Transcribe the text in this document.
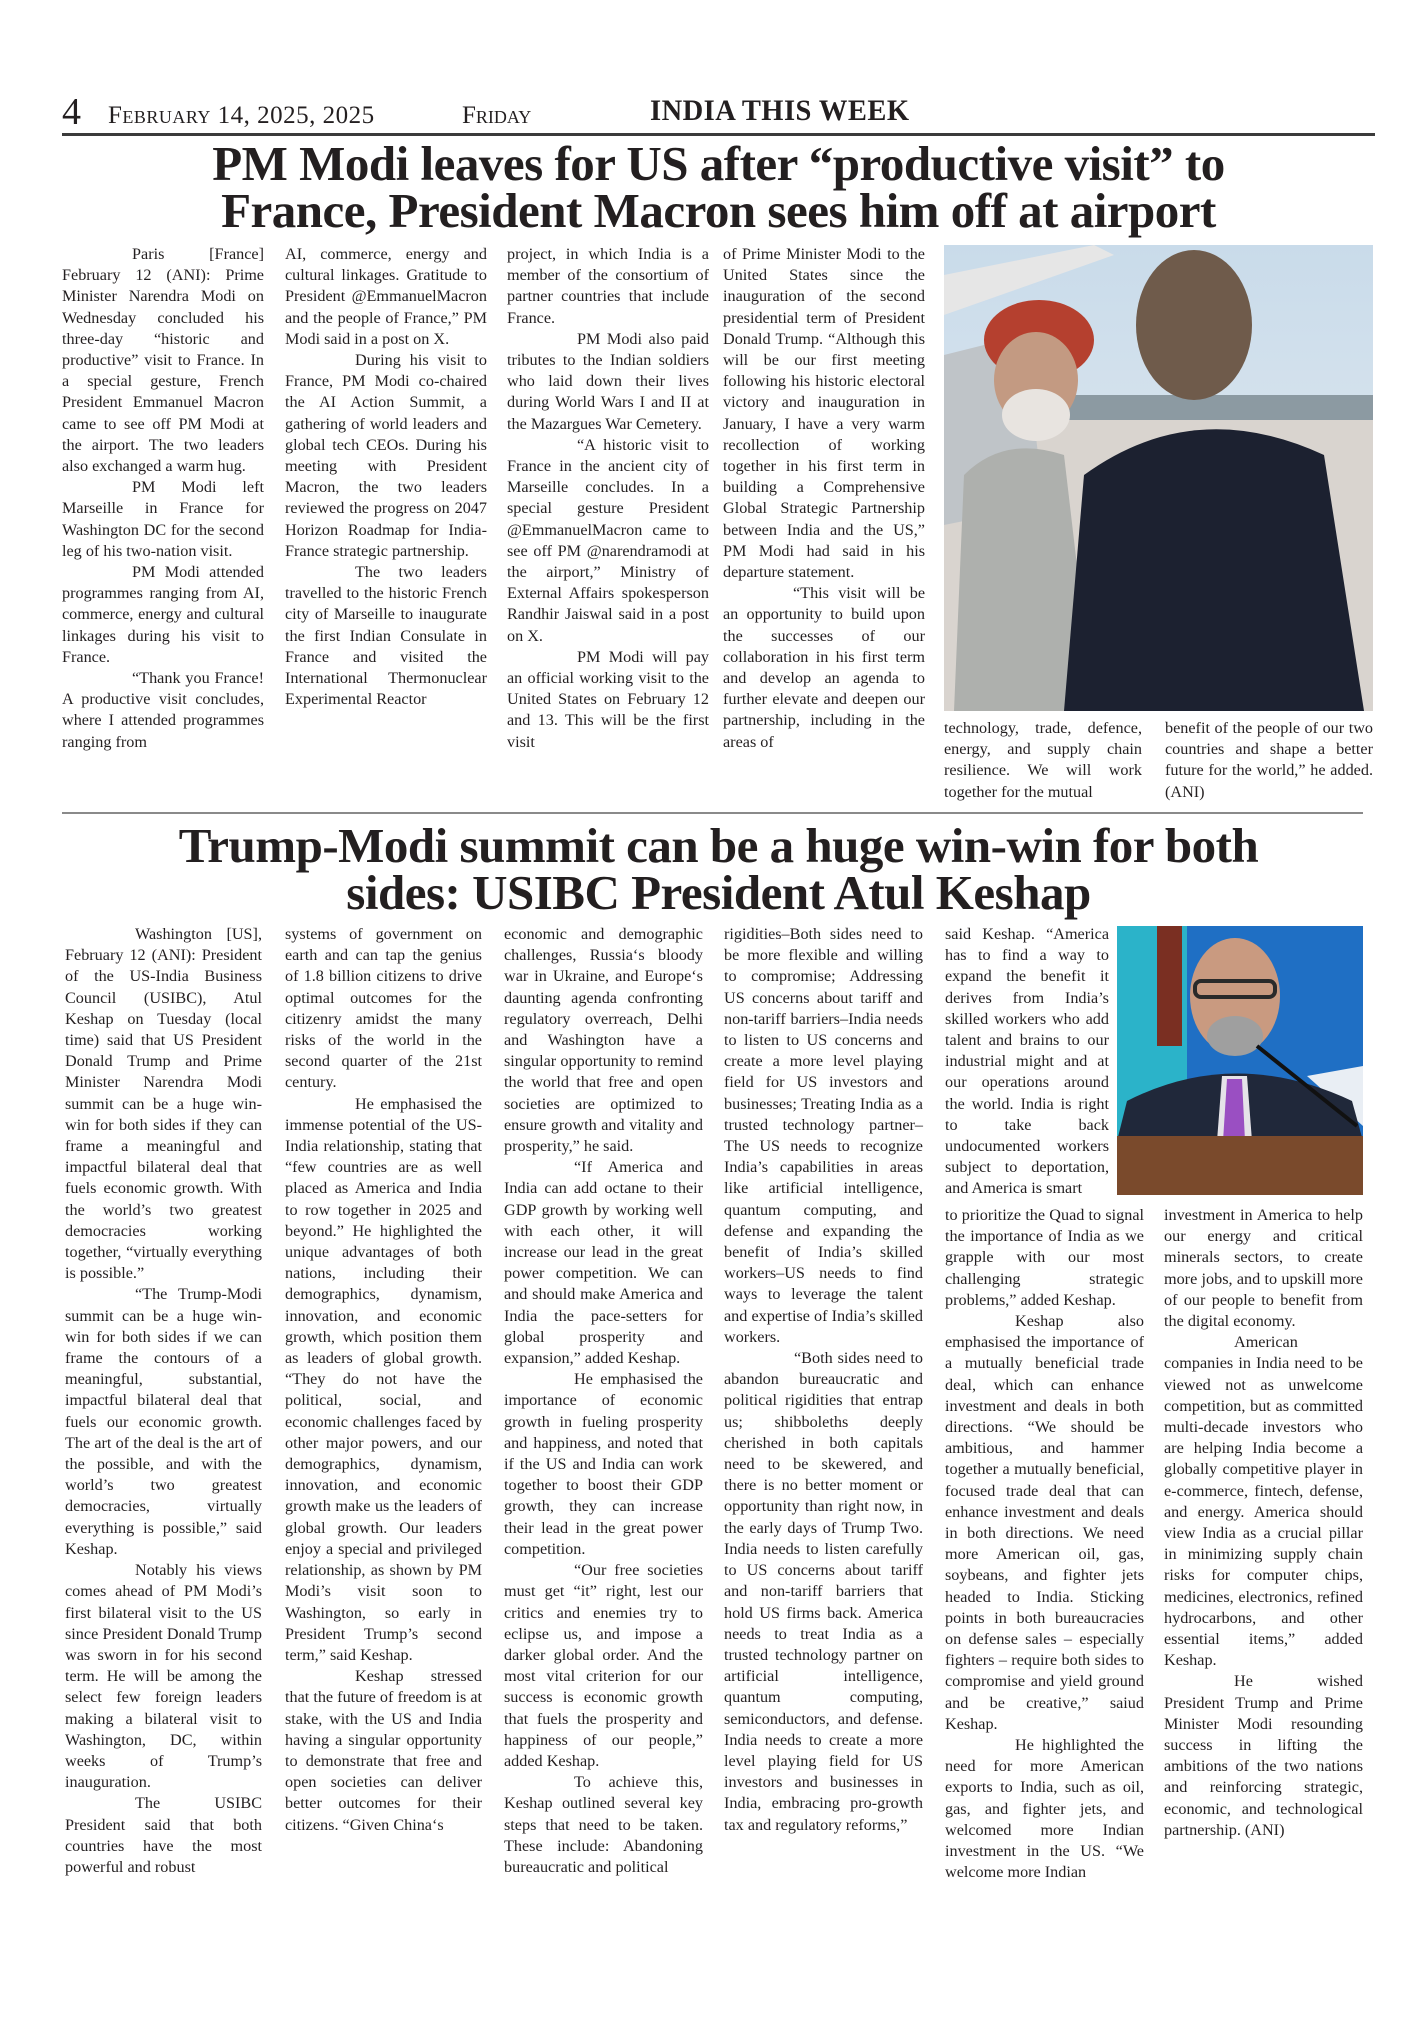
4 February 14, 2025, 2025	Friday	INDIA THIS WEEK
PM Modi leaves for US after “productive visit” to
France, President Macron sees him off at airport

Paris [France] February 12 (ANI): Prime Minister Narendra Modi on Wednesday concluded his three-day “historic and productive” visit to France. In a special gesture, French President Emmanuel Macron came to see off PM Modi at the airport. The two leaders also exchanged a warm hug.

PM Modi left Marseille in France for Washington DC for the second leg of his two-nation visit.

PM Modi attended programmes ranging from AI, commerce, energy and cultural linkages during his visit to France.

“Thank you France! A productive visit concludes, where I attended programmes ranging from

AI, commerce, energy and cultural linkages. Gratitude to President @EmmanuelMacron and the people of France,” PM Modi said in a post on X.

During his visit to France, PM Modi co-chaired the AI Action Summit, a gathering of world leaders and global tech CEOs. During his meeting with President Macron, the two leaders reviewed the progress on 2047 Horizon Roadmap for India-France strategic partnership.

The two leaders travelled to the historic French city of Marseille to inaugurate the first Indian Consulate in France and visited the International Thermonuclear Experimental Reactor

project, in which India is a member of the consortium of partner countries that include France.

PM Modi also paid tributes to the Indian soldiers who laid down their lives during World Wars I and II at the Mazargues War Cemetery.

“A historic visit to France in the ancient city of Marseille concludes. In a special gesture President @EmmanuelMacron came to see off PM @narendramodi at the airport,” Ministry of External Affairs spokesperson Randhir Jaiswal said in a post on X.

PM Modi will pay an official working visit to the United States on February 12 and 13. This will be the first visit

of Prime Minister Modi to the United States since the inauguration of the second presidential term of President Donald Trump. “Although this will be our first meeting following his historic electoral victory and inauguration in January, I have a very warm recollection of working together in his first term in building a Comprehensive Global Strategic Partnership between India and the US,” PM Modi had said in his departure statement.

“This visit will be an opportunity to build upon the successes of our collaboration in his first term and develop an agenda to further elevate and deepen our partnership, including in the areas of

technology, trade, defence, energy, and supply chain resilience. We will work together for the mutual

benefit of the people of our two countries and shape a better future for the world,” he added. (ANI)

Trump-Modi summit can be a huge win-win for both
sides: USIBC President Atul Keshap

Washington [US], February 12 (ANI): President of the US-India Business Council (USIBC), Atul Keshap on Tuesday (local time) said that US President Donald Trump and Prime Minister Narendra Modi summit can be a huge win-win for both sides if they can frame a meaningful and impactful bilateral deal that fuels economic growth. With the world’s two greatest democracies working together, “virtually everything is possible.”

“The Trump-Modi summit can be a huge win-win for both sides if we can frame the contours of a meaningful, substantial, impactful bilateral deal that fuels our economic growth. The art of the deal is the art of the possible, and with the world’s two greatest democracies, virtually everything is possible,” said Keshap.

Notably his views comes ahead of PM Modi’s first bilateral visit to the US since President Donald Trump was sworn in for his second term. He will be among the select few foreign leaders making a bilateral visit to Washington, DC, within weeks of Trump’s inauguration.

The USIBC President said that both countries have the most powerful and robust

systems of government on earth and can tap the genius of 1.8 billion citizens to drive optimal outcomes for the citizenry amidst the many risks of the world in the second quarter of the 21st century.

He emphasised the immense potential of the US-India relationship, stating that “few countries are as well placed as America and India to row together in 2025 and beyond.” He highlighted the unique advantages of both nations, including their demographics, dynamism, innovation, and economic growth, which position them as leaders of global growth. “They do not have the political, social, and economic challenges faced by other major powers, and our demographics, dynamism, innovation, and economic growth make us the leaders of global growth. Our leaders enjoy a special and privileged relationship, as shown by PM Modi’s visit soon to Washington, so early in President Trump’s second term,” said Keshap.

Keshap stressed that the future of freedom is at stake, with the US and India having a singular opportunity to demonstrate that free and open societies can deliver better outcomes for their citizens. “Given China‘s

economic and demographic challenges, Russia‘s bloody war in Ukraine, and Europe‘s daunting agenda confronting regulatory overreach, Delhi and Washington have a singular opportunity to remind the world that free and open societies are optimized to ensure growth and vitality and prosperity,” he said.

“If America and India can add octane to their GDP growth by working well with each other, it will increase our lead in the great power competition. We can and should make America and India the pace-setters for global prosperity and expansion,” added Keshap.

He emphasised the importance of economic growth in fueling prosperity and happiness, and noted that if the US and India can work together to boost their GDP growth, they can increase their lead in the great power competition.

“Our free societies must get “it” right, lest our critics and enemies try to eclipse us, and impose a darker global order. And the most vital criterion for our success is economic growth that fuels the prosperity and happiness of our people,” added Keshap.

To achieve this, Keshap outlined several key steps that need to be taken. These include: Abandoning bureaucratic and political

rigidities–Both sides need to be more flexible and willing to compromise; Addressing US concerns about tariff and non-tariff barriers–India needs to listen to US concerns and create a more level playing field for US investors and businesses; Treating India as a trusted technology partner–The US needs to recognize India’s capabilities in areas like artificial intelligence, quantum computing, and defense and expanding the benefit of India’s skilled workers–US needs to find ways to leverage the talent and expertise of India’s skilled workers.

“Both sides need to abandon bureaucratic and political rigidities that entrap us; shibboleths deeply cherished in both capitals need to be skewered, and there is no better moment or opportunity than right now, in the early days of Trump Two. India needs to listen carefully to US concerns about tariff and non-tariff barriers that hold US firms back. America needs to treat India as a trusted technology partner on artificial intelligence, quantum computing, semiconductors, and defense. India needs to create a more level playing field for US investors and businesses in India, embracing pro-growth tax and regulatory reforms,”

said Keshap. “America has to find a way to expand the benefit it derives from India’s skilled workers who add talent and brains to our industrial might and at our operations around the world. India is right to take back undocumented workers subject to deportation, and America is smart

to prioritize the Quad to signal the importance of India as we grapple with our most challenging strategic problems,” added Keshap.

Keshap also emphasised the importance of a mutually beneficial trade deal, which can enhance investment and deals in both directions. “We should be ambitious, and hammer together a mutually beneficial, focused trade deal that can enhance investment and deals in both directions. We need more American oil, gas, soybeans, and fighter jets headed to India. Sticking points in both bureaucracies on defense sales – especially fighters – require both sides to compromise and yield ground and be creative,” saiud Keshap.

He highlighted the need for more American exports to India, such as oil, gas, and fighter jets, and welcomed more Indian investment in the US. “We welcome more Indian

investment in America to help our energy and critical minerals sectors, to create more jobs, and to upskill more of our people to benefit from the digital economy.

American companies in India need to be viewed not as unwelcome competition, but as committed multi-decade investors who are helping India become a globally competitive player in e-commerce, fintech, defense, and energy. America should view India as a crucial pillar in minimizing supply chain risks for computer chips, medicines, electronics, refined hydrocarbons, and other essential items,” added Keshap.

He wished President Trump and Prime Minister Modi resounding success in lifting the ambitions of the two nations and reinforcing strategic, economic, and technological partnership. (ANI)
